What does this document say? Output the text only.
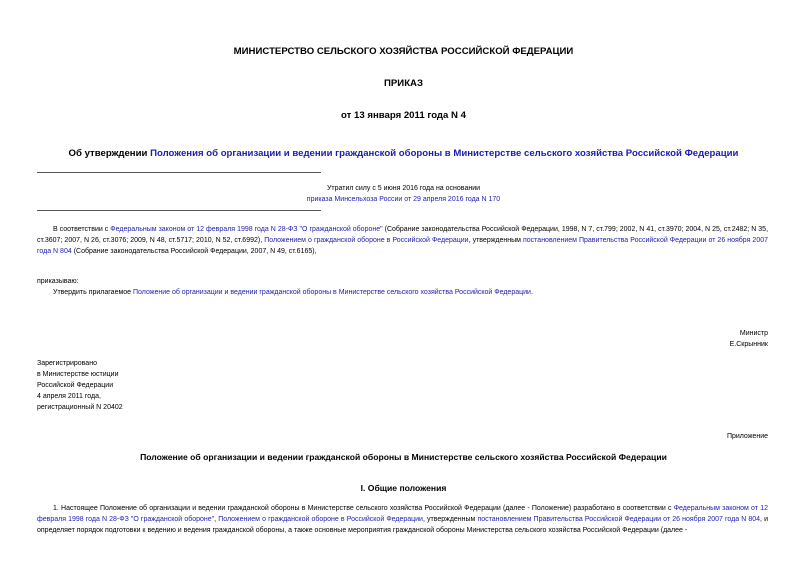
МИНИСТЕРСТВО СЕЛЬСКОГО ХОЗЯЙСТВА РОССИЙСКОЙ ФЕДЕРАЦИИ
ПРИКАЗ
от 13 января 2011 года N 4
Об утверждении Положения об организации и ведении гражданской обороны в Министерстве сельского хозяйства Российской Федерации
Утратил силу с 5 июня 2016 года на основании
приказа Минсельхоза России от 29 апреля 2016 года N 170
В соответствии с Федеральным законом от 12 февраля 1998 года N 28-ФЗ "О гражданской обороне" (Собрание законодательства Российской Федерации, 1998, N 7, ст.799; 2002, N 41, ст.3970; 2004, N 25, ст.2482; N 35, ст.3607; 2007, N 26, ст.3076; 2009, N 48, ст.5717; 2010, N 52, ст.6992), Положением о гражданской обороне в Российской Федерации, утвержденным постановлением Правительства Российской Федерации от 26 ноября 2007 года N 804 (Собрание законодательства Российской Федерации, 2007, N 49, ст.6165),
приказываю:
Утвердить прилагаемое Положение об организации и ведении гражданской обороны в Министерстве сельского хозяйства Российской Федерации.
Министр
Е.Скрынник
Зарегистрировано
в Министерстве юстиции
Российской Федерации
4 апреля 2011 года,
регистрационный N 20402
Приложение
Положение об организации и ведении гражданской обороны в Министерстве сельского хозяйства Российской Федерации
I. Общие положения
1. Настоящее Положение об организации и ведении гражданской обороны в Министерстве сельского хозяйства Российской Федерации (далее - Положение) разработано в соответствии с Федеральным законом от 12 февраля 1998 года N 28-ФЗ "О гражданской обороне", Положением о гражданской обороне в Российской Федерации, утвержденным постановлением Правительства Российской Федерации от 26 ноября 2007 года N 804, и определяет порядок подготовки к ведению и ведения гражданской обороны, а также основные мероприятия гражданской обороны Министерства сельского хозяйства Российской Федерации (далее -
